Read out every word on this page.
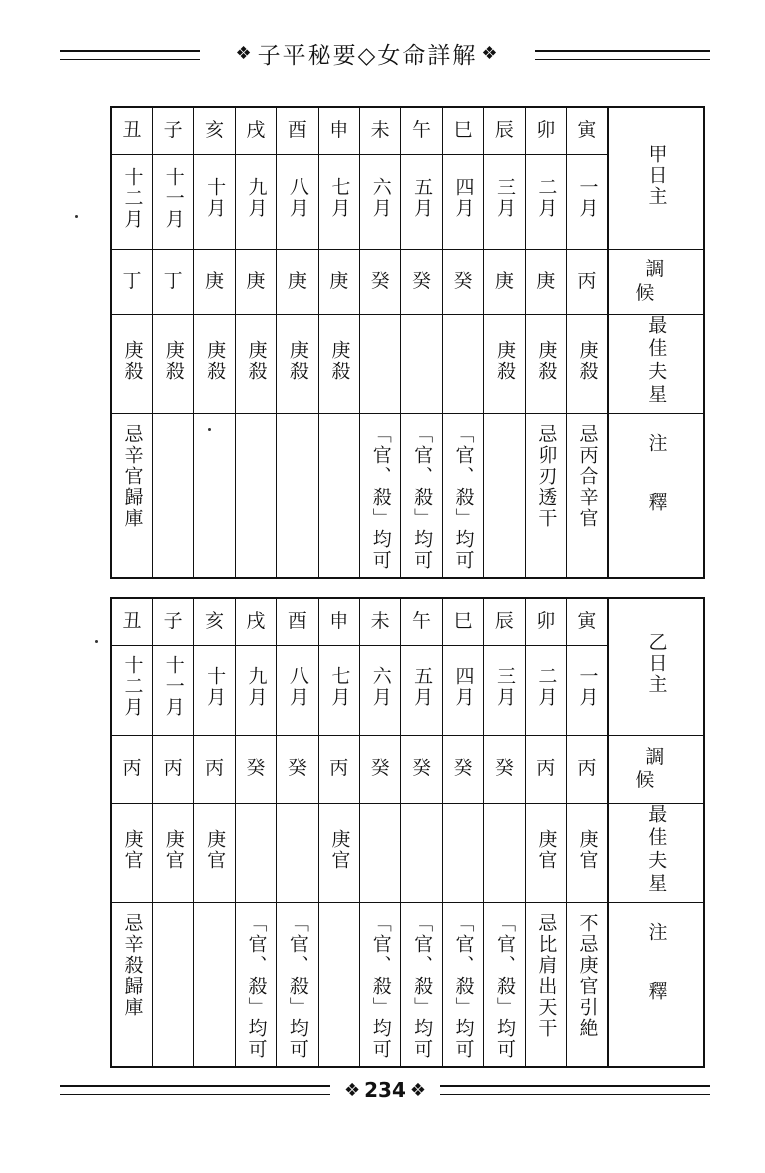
❖ 子平秘要◇女命詳解 ❖
丑	子	亥	戌	酉	申	未	午	巳	辰	卯	寅	甲日主
十二月	十一月	十月	九月	八月	七月	六月	五月	四月	三月	二月	一月	
丁	丁	庚	庚	庚	庚	癸	癸	癸	庚	庚	丙	調候
庚殺	庚殺	庚殺	庚殺	庚殺	庚殺				庚殺	庚殺	庚殺	最佳夫星
忌辛官歸庫						「官、殺」均可	「官、殺」均可	「官、殺」均可		忌卯刃透干	忌丙合辛官	注釋
丑	子	亥	戌	酉	申	未	午	巳	辰	卯	寅	乙日主
十二月	十一月	十月	九月	八月	七月	六月	五月	四月	三月	二月	一月	
丙	丙	丙	癸	癸	丙	癸	癸	癸	癸	丙	丙	調候
庚官	庚官	庚官			庚官					庚官	庚官	最佳夫星
忌辛殺歸庫			「官、殺」均可	「官、殺」均可		「官、殺」均可	「官、殺」均可	「官、殺」均可	「官、殺」均可	忌比肩出天干	不忌庚官引絶	注釋
❖ 234 ❖
